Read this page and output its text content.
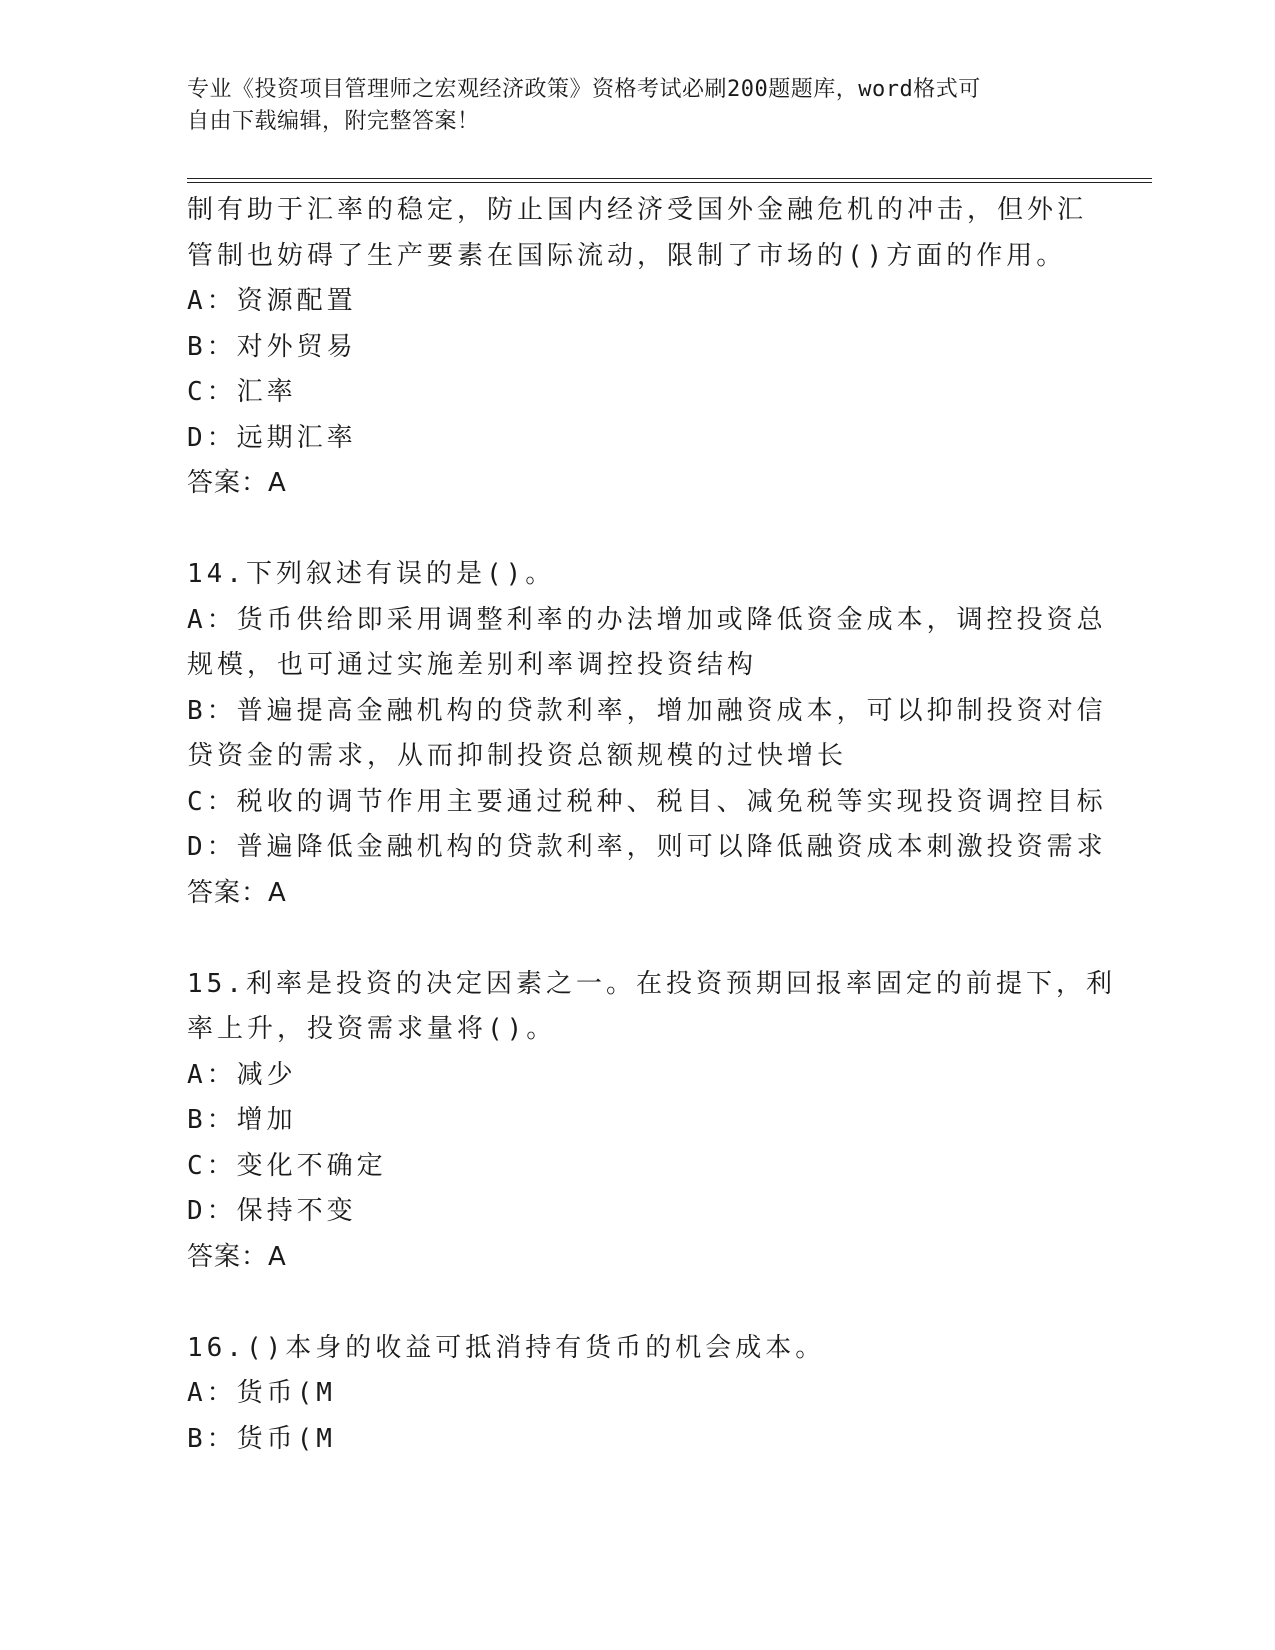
专业《投资项目管理师之宏观经济政策》资格考试必刷200题题库，word格式可
自由下载编辑，附完整答案！
制有助于汇率的稳定，防止国内经济受国外金融危机的冲击，但外汇
管制也妨碍了生产要素在国际流动，限制了市场的()方面的作用。
A：资源配置
B：对外贸易
C：汇率
D：远期汇率
答案：A
14.下列叙述有误的是()。
A：货币供给即采用调整利率的办法增加或降低资金成本，调控投资总
规模，也可通过实施差别利率调控投资结构
B：普遍提高金融机构的贷款利率，增加融资成本，可以抑制投资对信
贷资金的需求，从而抑制投资总额规模的过快增长
C：税收的调节作用主要通过税种、税目、减免税等实现投资调控目标
D：普遍降低金融机构的贷款利率，则可以降低融资成本刺激投资需求
答案：A
15.利率是投资的决定因素之一。在投资预期回报率固定的前提下，利
率上升，投资需求量将()。
A：减少
B：增加
C：变化不确定
D：保持不变
答案：A
16.()本身的收益可抵消持有货币的机会成本。
A：货币(M
B：货币(M
